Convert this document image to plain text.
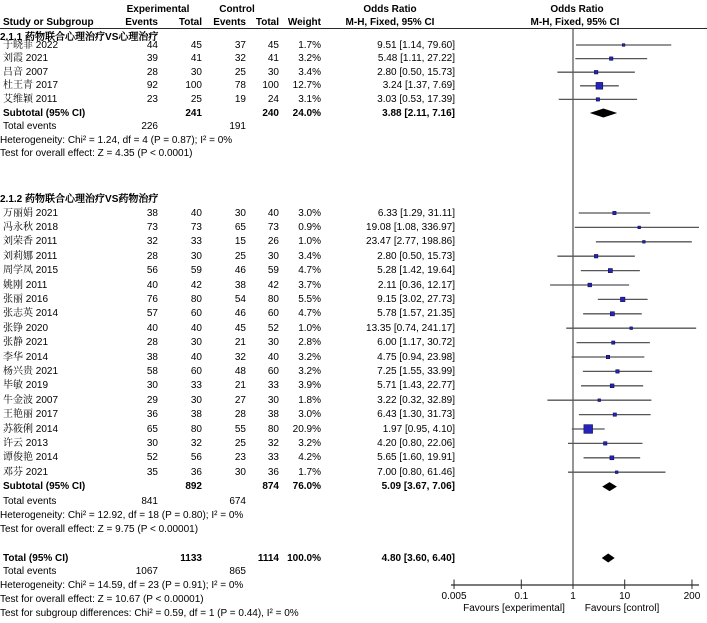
Experimental	Control	Odds Ratio	Odds Ratio
Study or Subgroup	Events	Total	Events Total Weight	M-H, Fixed, 95% CI	M-H, Fixed, 95% CI
2.1.1 药物联合心理治疗VS心理治疗
于晓菲 2022	44	45	37	45	1.7%	9.51 [1.14, 79.60]
刘霞 2021	39	41	32	41	3.2%	5.48 [1.11, 27.22]
吕音 2007	28	30	25	30	3.4%	2.80 [0.50, 15.73]
杜王青 2017	92	100	78	100	12.7%	3.24 [1.37, 7.69]
艾维颖 2011	23	25	19	24	3.1%	3.03 [0.53, 17.39]
Subtotal (95% CI)	241	240	24.0%	3.88 [2.11, 7.16]
Total events	226	191
Heterogeneity: Chi² = 1.24, df = 4 (P = 0.87); I² = 0%
Test for overall effect: Z = 4.35 (P < 0.0001)
2.1.2 药物联合心理治疗VS药物治疗
万丽娟 2021	38	40	30	40	3.0%	6.33 [1.29, 31.11]
冯永秋 2018	73	73	65	73	0.9%	19.08 [1.08, 336.97]
刘荣香 2011	32	33	15	26	1.0%	23.47 [2.77, 198.86]
刘莉娜 2011	28	30	25	30	3.4%	2.80 [0.50, 15.73]
周学凤 2015	56	59	46	59	4.7%	5.28 [1.42, 19.64]
姚刚 2011	40	42	38	42	3.7%	2.11 [0.36, 12.17]
张丽 2016	76	80	54	80	5.5%	9.15 [3.02, 27.73]
张志英 2014	57	60	46	60	4.7%	5.78 [1.57, 21.35]
张铮 2020	40	40	45	52	1.0%	13.35 [0.74, 241.17]
张静 2021	28	30	21	30	2.8%	6.00 [1.17, 30.72]
李华 2014	38	40	32	40	3.2%	4.75 [0.94, 23.98]
杨兴贵 2021	58	60	48	60	3.2%	7.25 [1.55, 33.99]
毕敏 2019	30	33	21	33	3.9%	5.71 [1.43, 22.77]
牛金波 2007	29	30	27	30	1.8%	3.22 [0.32, 32.89]
王艳丽 2017	36	38	28	38	3.0%	6.43 [1.30, 31.73]
苏筱俐 2014	65	80	55	80	20.9%	1.97 [0.95, 4.10]
许云 2013	30	32	25	32	3.2%	4.20 [0.80, 22.06]
谭俊艳 2014	52	56	23	33	4.2%	5.65 [1.60, 19.91]
邓芬 2021	35	36	30	36	1.7%	7.00 [0.80, 61.46]
Subtotal (95% CI)	892	874	76.0%	5.09 [3.67, 7.06]
Total events	841	674
Heterogeneity: Chi² = 12.92, df = 18 (P = 0.80); I² = 0%
Test for overall effect: Z = 9.75 (P < 0.00001)
Total (95% CI)	1133	1114 100.0%	4.80 [3.60, 6.40]
Total events	1067	865
Heterogeneity: Chi² = 14.59, df = 23 (P = 0.91); I² = 0%
Test for overall effect: Z = 10.67 (P < 0.00001)
Test for subgroup differences: Chi² = 0.59, df = 1 (P = 0.44), I² = 0%
0.005	0.1	1	10	200
Favours [experimental] Favours [control]
